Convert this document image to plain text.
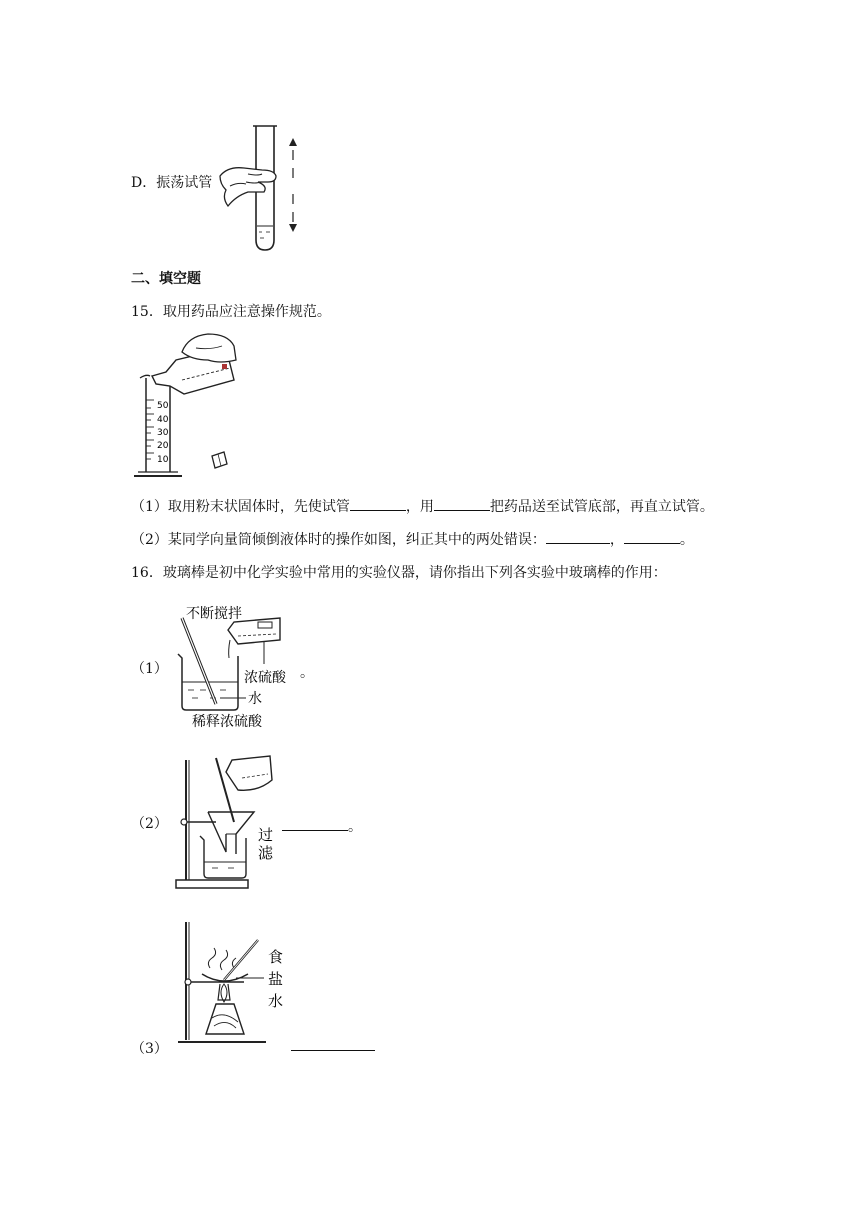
D．振荡试管
二、填空题
15．取用药品应注意操作规范。
50
40
30
20
10
（1）取用粉末状固体时，先使试管	，用	把药品送至试管底部，再直立试管。
（2）某同学向量筒倾倒液体时的操作如图，纠正其中的两处错误：	，	。
16．玻璃棒是初中化学实验中常用的实验仪器，请你指出下列各实验中玻璃棒的作用：
（1）
不断搅拌
浓硫酸
水
稀释浓硫酸
。
（2）
过
滤
。
食
盐
水
（3）
